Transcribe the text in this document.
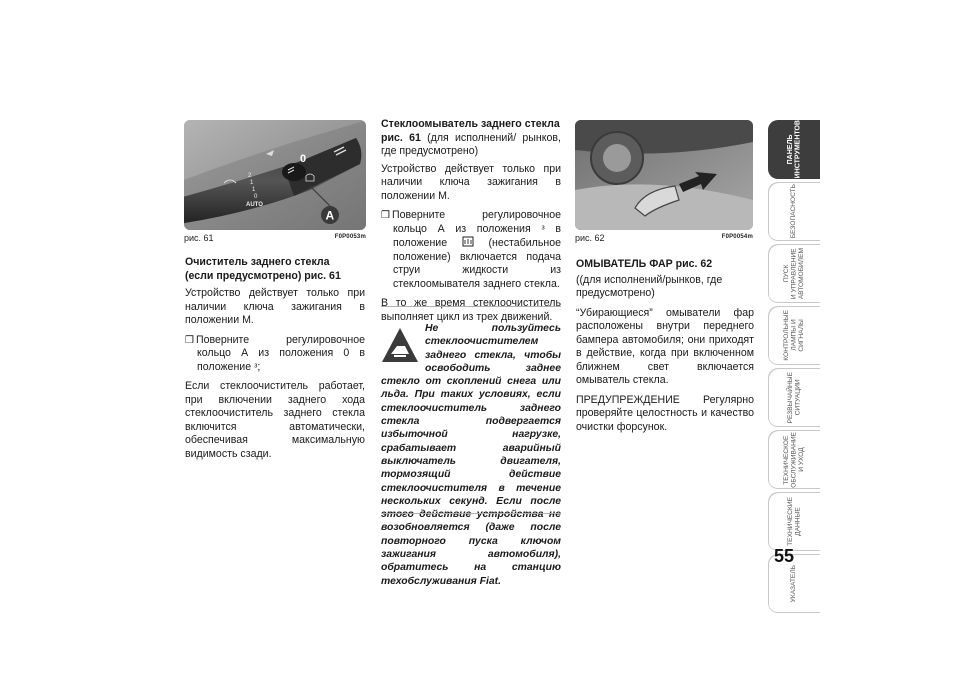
0
2
1
1
0
AUTO
A
рис. 61	F0P0053m	рис. 62	F0P0054m

Очиститель заднего стекла
(если предусмотрено) рис. 61

Устройство действует только при наличии ключа зажигания в положении М.

❒ Поверните регулировочное кольцо А из положения 0 в положение ᵌ;

Если стеклоочиститель работает, при включении заднего хода стеклоочиститель заднего стекла включится автоматически, обеспечивая максимальную видимость сзади.

Стеклоомыватель заднего стекла
рис. 61 (для исполнений/ рынков, где предусмотрено)

Устройство действует только при наличии ключа зажигания в положении М.

❒ Поверните регулировочное кольцо А из положения ᵌ в положение  (нестабильное положение) включается подача струи жидкости из стеклоомывателя заднего стекла.

В то же время стеклоочиститель выполняет цикл из трех движений.

Не пользуйтесь стеклоочистителем заднего стекла, чтобы освободить заднее стекло от скоплений снега или льда. При таких условиях, если стеклоочиститель заднего стекла подвергается избыточной нагрузке, срабатывает аварийный выключатель двигателя, тормозящий действие стеклоочистителя в течение нескольких секунд. Если после этого действие устройства не возобновляется (даже после повторного пуска ключом зажигания автомобиля), обратитесь на станцию техобслуживания Fiat.

ОМЫВАТЕЛЬ ФАР рис. 62

((для исполнений/рынков, где предусмотрено)

“Убирающиеся” омыватели фар расположены внутри переднего бампера автомобиля; они приходят в действие, когда при включенном ближнем свет включается омыватель стекла.

ПРЕДУПРЕЖДЕНИЕ Регулярно проверяйте целостность и качество очистки форсунок.

ПАНЕЛЬ
ИНСТРУМЕНТОВ
БЕЗОПАСНОСТЬ
ПУСК
И УПРАВЛЕНИЕ
АВТОМОБИЛЕМ
КОНТРОЛЬНЫЕ
ЛАМПЫ И
СИГНАЛЫ
РЕЗВЫЧАЙНЫЕ
СИТУАЦИИ
ТЕХНИЧЕСКОЕ
ОБСЛУЖИВАНИЕ
И УХОД
ТЕХНИЧЕСКИЕ
ДАННЫЕ
УКАЗАТЕЛЬ
55
